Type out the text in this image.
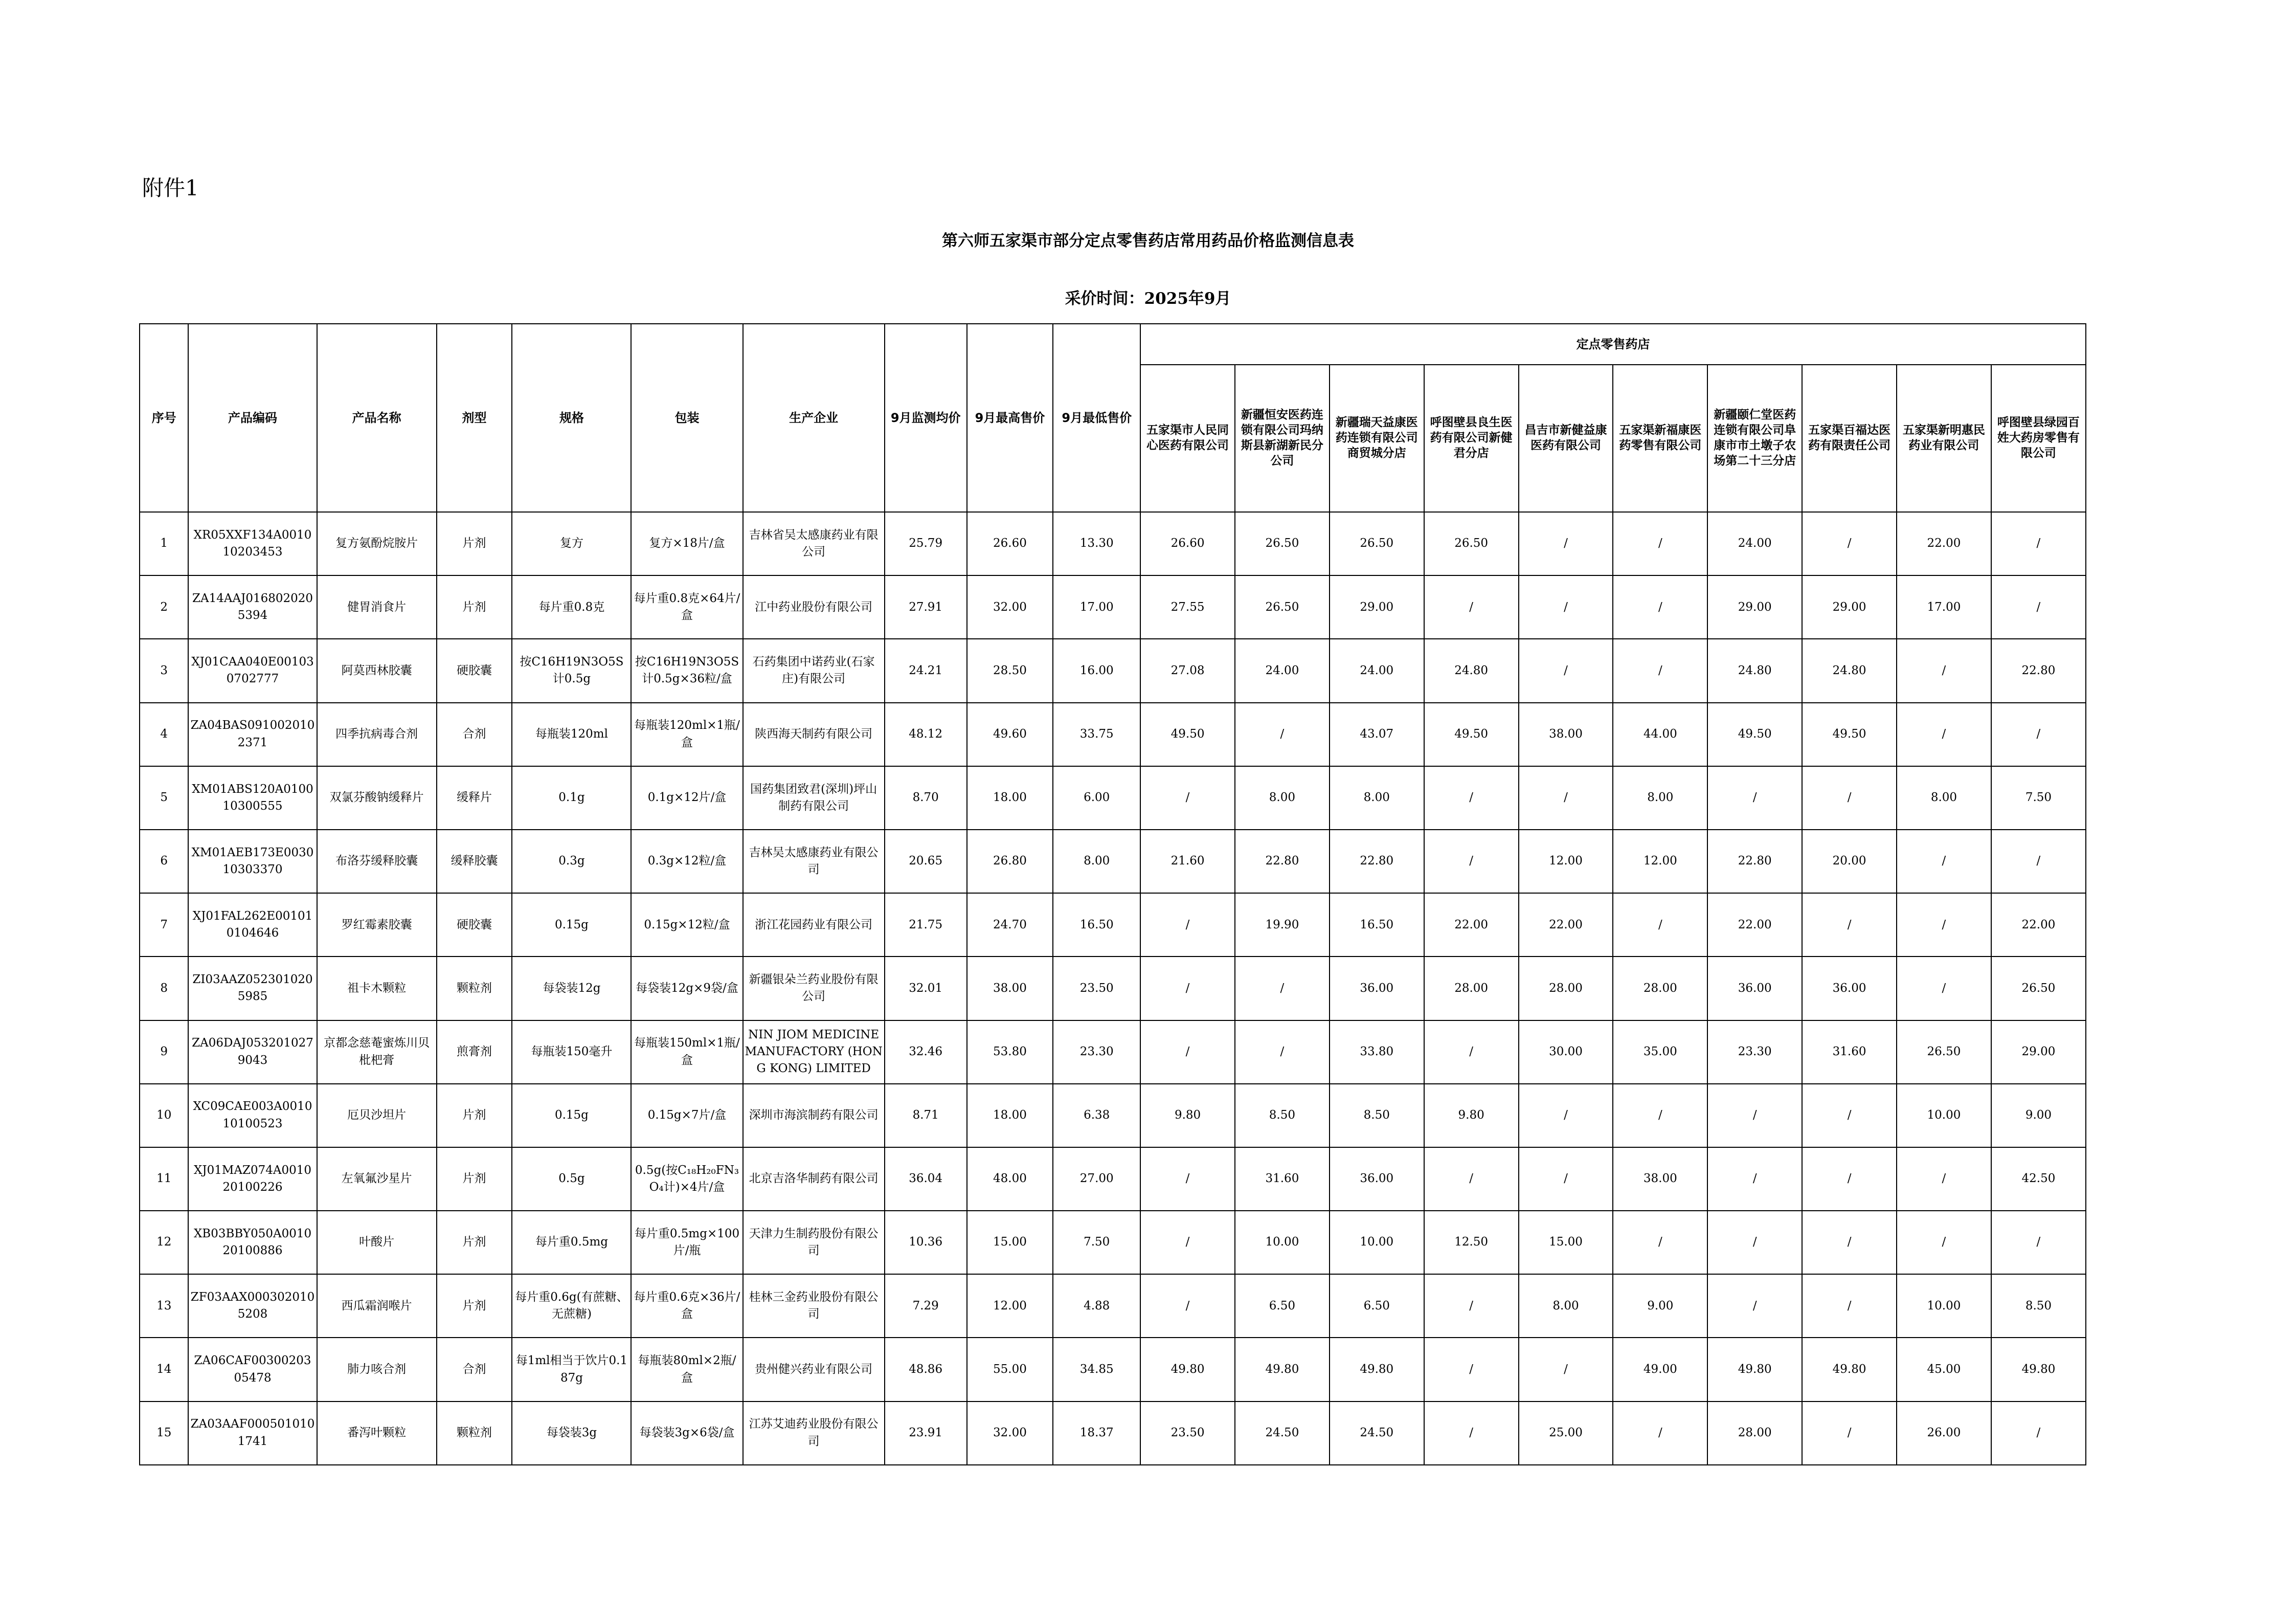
附件1
第六师五家渠市部分定点零售药店常用药品价格监测信息表
采价时间：2025年9月
序号	产品编码	产品名称	剂型	规格	包装	生产企业	9月监测均价	9月最高售价	9月最低售价	定点零售药店									
										五家渠市人民同心医药有限公司	新疆恒安医药连锁有限公司玛纳斯县新湖新民分公司	新疆瑞天益康医药连锁有限公司商贸城分店	呼图壁县良生医药有限公司新健君分店	昌吉市新健益康医药有限公司	五家渠新福康医药零售有限公司	新疆颐仁堂医药连锁有限公司阜康市市土墩子农场第二十三分店	五家渠百福达医药有限责任公司	五家渠新明惠民药业有限公司	呼图壁县绿园百姓大药房零售有限公司
1	XR05XXF134A001010203453	复方氨酚烷胺片	片剂	复方	复方×18片/盒	吉林省吴太感康药业有限公司	25.79	26.60	13.30	26.60	26.50	26.50	26.50	/	/	24.00	/	22.00	/
2	ZA14AAJ0168020205394	健胃消食片	片剂	每片重0.8克	每片重0.8克×64片/盒	江中药业股份有限公司	27.91	32.00	17.00	27.55	26.50	29.00	/	/	/	29.00	29.00	17.00	/
3	XJ01CAA040E001030702777	阿莫西林胶囊	硬胶囊	按C16H19N3O5S计0.5g	按C16H19N3O5S计0.5g×36粒/盒	石药集团中诺药业(石家庄)有限公司	24.21	28.50	16.00	27.08	24.00	24.00	24.80	/	/	24.80	24.80	/	22.80
4	ZA04BAS0910020102371	四季抗病毒合剂	合剂	每瓶装120ml	每瓶装120ml×1瓶/盒	陕西海天制药有限公司	48.12	49.60	33.75	49.50	/	43.07	49.50	38.00	44.00	49.50	49.50	/	/
5	XM01ABS120A010010300555	双氯芬酸钠缓释片	缓释片	0.1g	0.1g×12片/盒	国药集团致君(深圳)坪山制药有限公司	8.70	18.00	6.00	/	8.00	8.00	/	/	8.00	/	/	8.00	7.50
6	XM01AEB173E003010303370	布洛芬缓释胶囊	缓释胶囊	0.3g	0.3g×12粒/盒	吉林吴太感康药业有限公司	20.65	26.80	8.00	21.60	22.80	22.80	/	12.00	12.00	22.80	20.00	/	/
7	XJ01FAL262E001010104646	罗红霉素胶囊	硬胶囊	0.15g	0.15g×12粒/盒	浙江花园药业有限公司	21.75	24.70	16.50	/	19.90	16.50	22.00	22.00	/	22.00	/	/	22.00
8	ZI03AAZ0523010205985	祖卡木颗粒	颗粒剂	每袋装12g	每袋装12g×9袋/盒	新疆银朵兰药业股份有限公司	32.01	38.00	23.50	/	/	36.00	28.00	28.00	28.00	36.00	36.00	/	26.50
9	ZA06DAJ0532010279043	京都念慈菴蜜炼川贝枇杷膏	煎膏剂	每瓶装150毫升	每瓶装150ml×1瓶/盒	NIN JIOM MEDICINE MANUFACTORY (HONG KONG) LIMITED	32.46	53.80	23.30	/	/	33.80	/	30.00	35.00	23.30	31.60	26.50	29.00
10	XC09CAE003A001010100523	厄贝沙坦片	片剂	0.15g	0.15g×7片/盒	深圳市海滨制药有限公司	8.71	18.00	6.38	9.80	8.50	8.50	9.80	/	/	/	/	10.00	9.00
11	XJ01MAZ074A001020100226	左氧氟沙星片	片剂	0.5g	0.5g(按C₁₈H₂₀FN₃O₄计)×4片/盒	北京吉洛华制药有限公司	36.04	48.00	27.00	/	31.60	36.00	/	/	38.00	/	/	/	42.50
12	XB03BBY050A001020100886	叶酸片	片剂	每片重0.5mg	每片重0.5mg×100片/瓶	天津力生制药股份有限公司	10.36	15.00	7.50	/	10.00	10.00	12.50	15.00	/	/	/	/	/
13	ZF03AAX0003020105208	西瓜霜润喉片	片剂	每片重0.6g(有蔗糖、无蔗糖)	每片重0.6克×36片/盒	桂林三金药业股份有限公司	7.29	12.00	4.88	/	6.50	6.50	/	8.00	9.00	/	/	10.00	8.50
14	ZA06CAF0030020305478	肺力咳合剂	合剂	每1ml相当于饮片0.187g	每瓶装80ml×2瓶/盒	贵州健兴药业有限公司	48.86	55.00	34.85	49.80	49.80	49.80	/	/	49.00	49.80	49.80	45.00	49.80
15	ZA03AAF0005010101741	番泻叶颗粒	颗粒剂	每袋装3g	每袋装3g×6袋/盒	江苏艾迪药业股份有限公司	23.91	32.00	18.37	23.50	24.50	24.50	/	25.00	/	28.00	/	26.00	/
